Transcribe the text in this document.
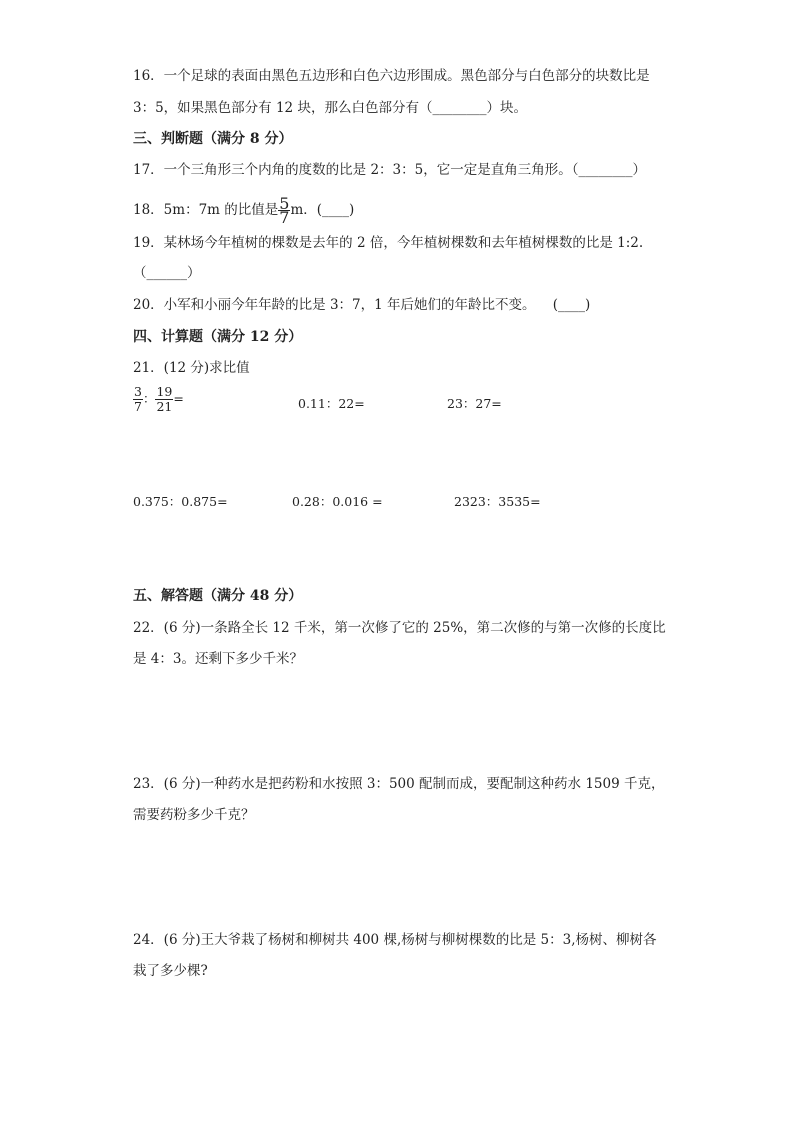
16．一个足球的表面由黑色五边形和白色六边形围成。黑色部分与白色部分的块数比是
3：5，如果黑色部分有 12 块，那么白色部分有（________）块。
三、判断题（满分 8 分）
17．一个三角形三个内角的度数的比是 2：3：5，它一定是直角三角形。（________）
18．5m：7m 的比值是 $\frac{5}{7}$ m．(____)
19．某林场今年植树的棵数是去年的 2 倍，今年植树棵数和去年植树棵数的比是 1:2.
（______）
20．小军和小丽今年年龄的比是 3：7，1 年后她们的年龄比不变。    (____)
四、计算题（满分 12 分）
21．(12 分)求比值
$\frac{3}{7}$ ： $\frac{19}{21}$ =	0.11：22=	23：27=
0.375：0.875=	0.28：0.016 =	2323：3535=
五、解答题（满分 48 分）
22．(6 分)一条路全长 12 千米，第一次修了它的 25%，第二次修的与第一次修的长度比
是 4：3。还剩下多少千米？
23．(6 分)一种药水是把药粉和水按照 3：500 配制而成，要配制这种药水 1509 千克，
需要药粉多少千克？
24．(6 分)王大爷栽了杨树和柳树共 400 棵,杨树与柳树棵数的比是 5：3,杨树、柳树各
栽了多少棵?
